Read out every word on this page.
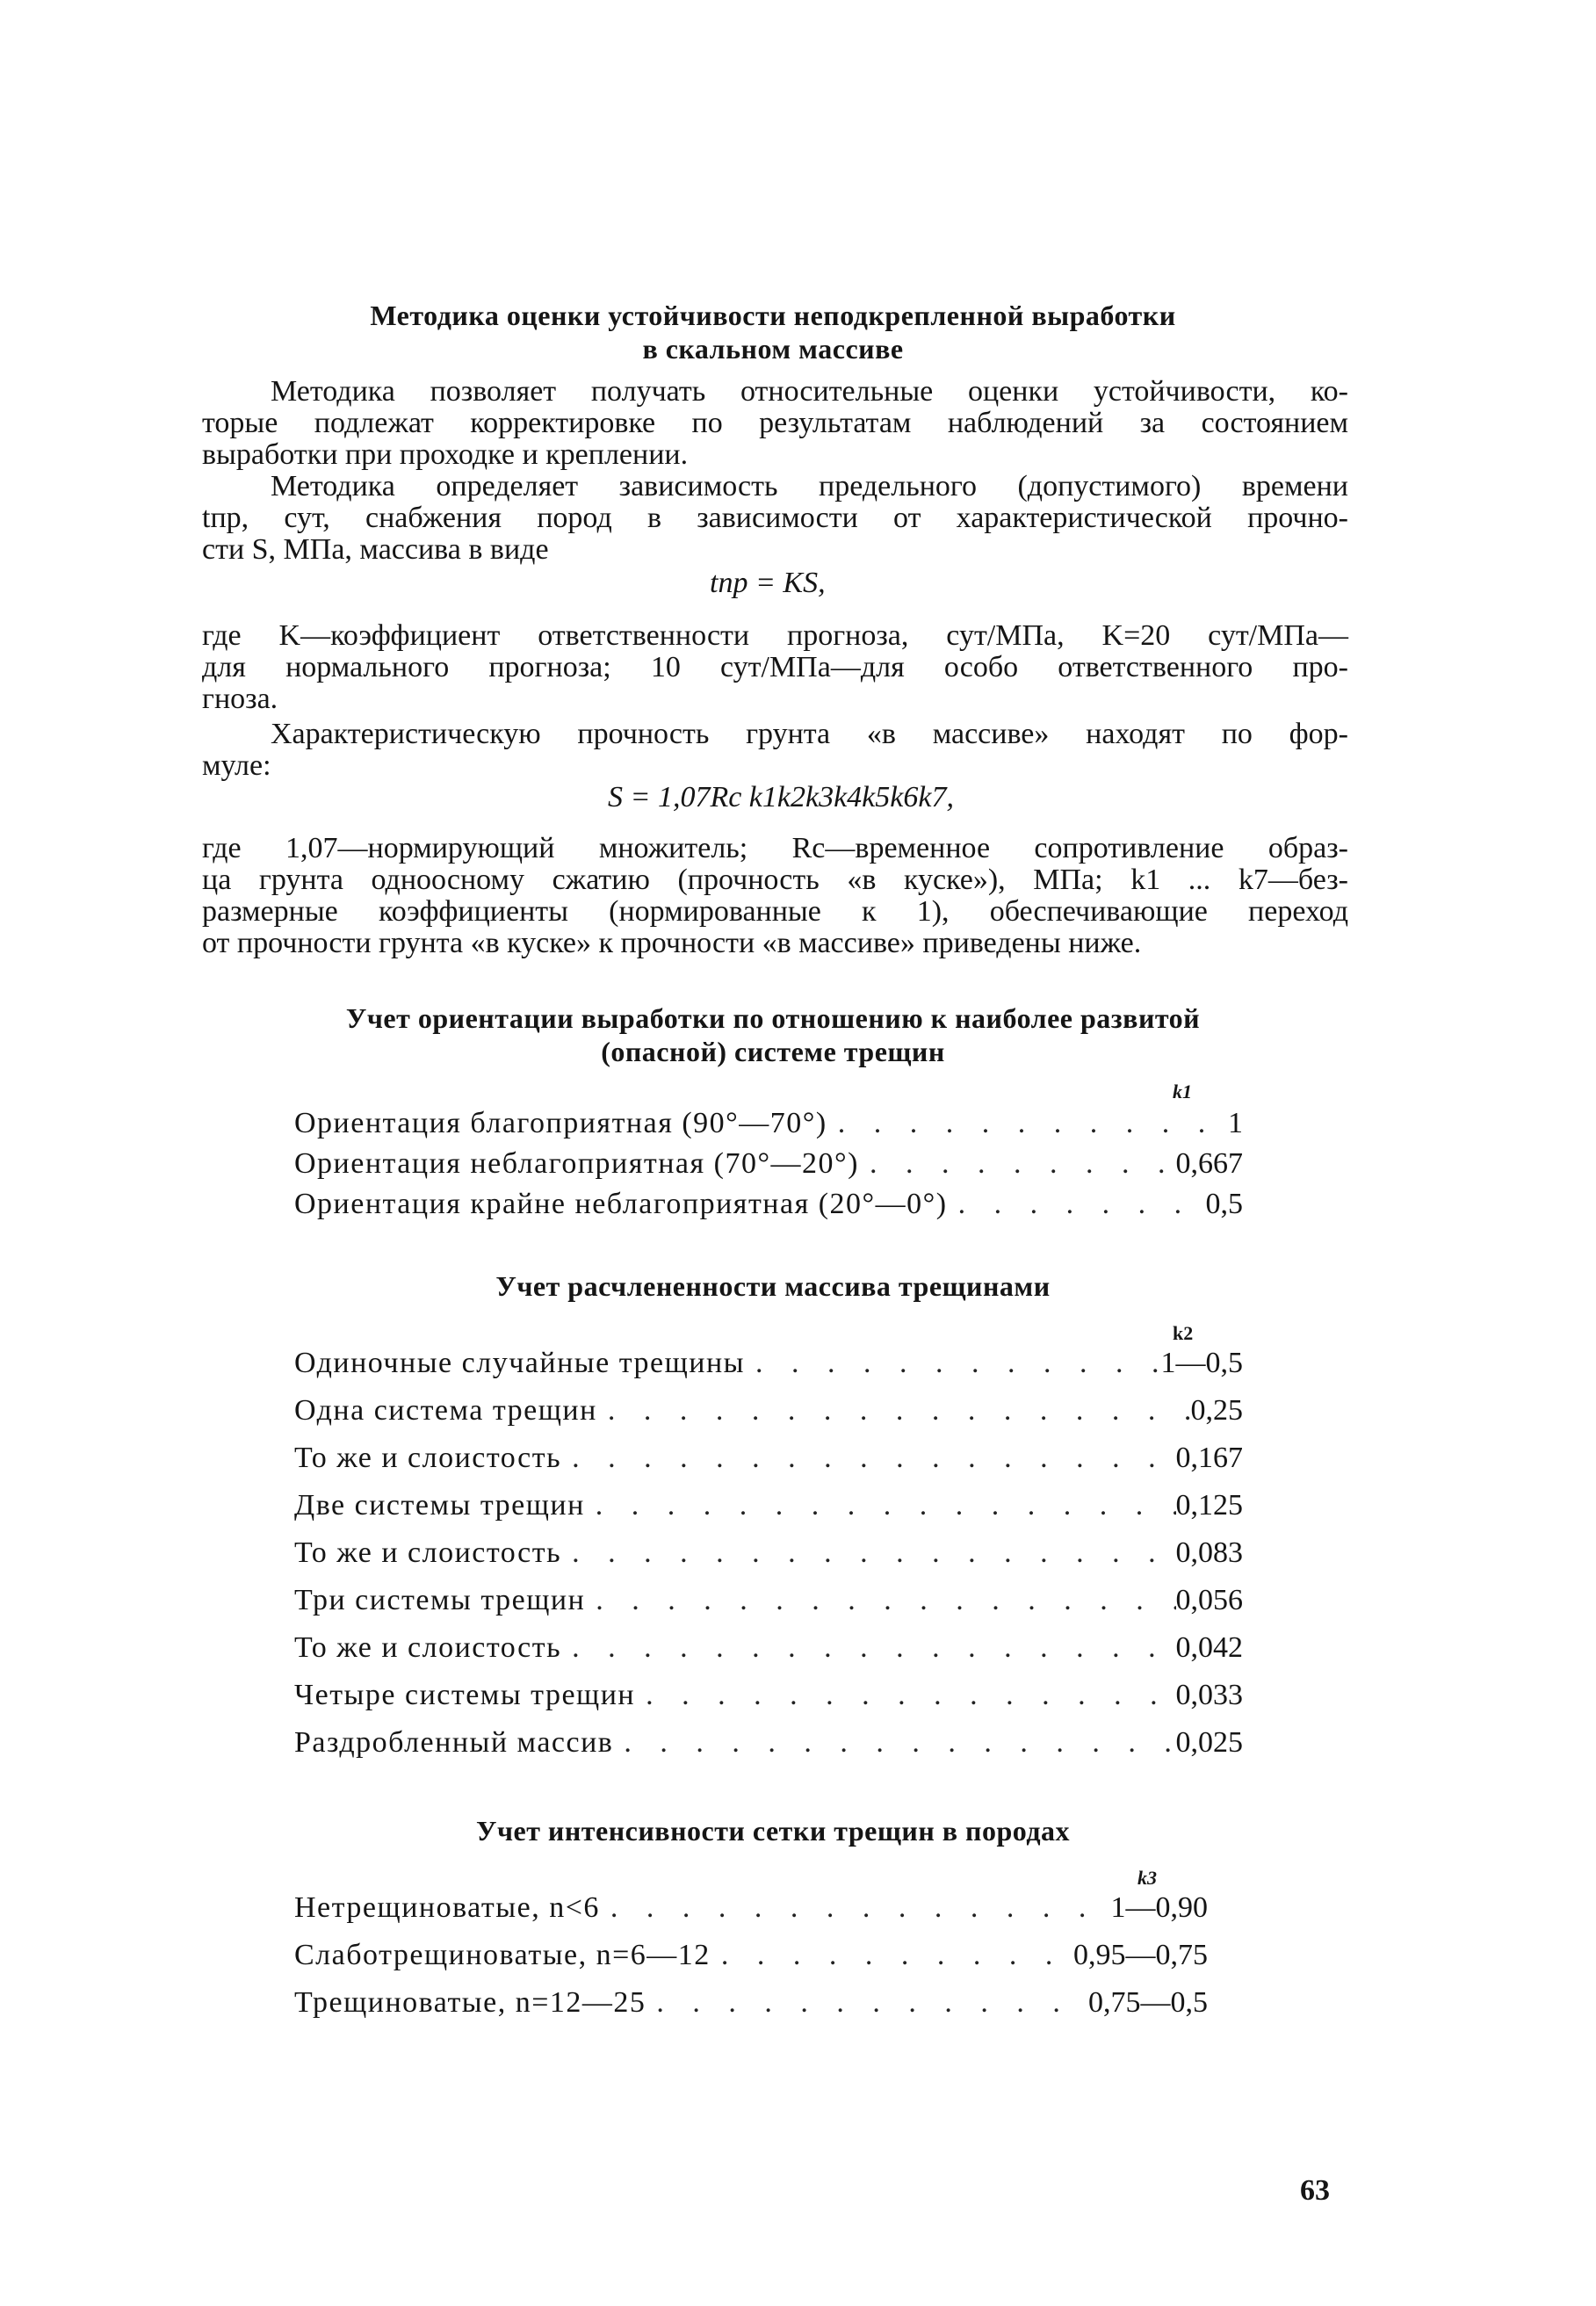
Методика оценки устойчивости неподкрепленной выработки
в скальном массиве
Методика позволяет получать относительные оценки устойчивости, ко-
торые подлежат корректировке по результатам наблюдений за состоянием
выработки при проходке и креплении.
Методика определяет зависимость предельного (допустимого) времени
tпр, сут, снабжения пород в зависимости от характеристической прочно-
сти S, МПа, массива в виде
tпр = KS,
где K—коэффициент ответственности прогноза, сут/МПа, K=20 сут/МПа—
для нормального прогноза; 10 сут/МПа—для особо ответственного про-
гноза.
Характеристическую прочность грунта «в массиве» находят по фор-
муле:
S = 1,07Rc k1k2k3k4k5k6k7,
где 1,07—нормирующий множитель; Rc—временное сопротивление образ-
ца грунта одноосному сжатию (прочность «в куске»), МПа; k1 ... k7—без-
размерные коэффициенты (нормированные к 1), обеспечивающие переход
от прочности грунта «в куске» к прочности «в массиве» приведены ниже.
Учет ориентации выработки по отношению к наиболее развитой
(опасной) системе трещин
k1
Ориентация благоприятная (90°—70°) . . .	1
Ориентация неблагоприятная (70°—20°) . . .	0,667
Ориентация крайне неблагоприятная (20°—0°) . . .	0,5
Учет расчлененности массива трещинами
k2
Одиночные случайные трещины . . .	1—0,5
Одна система трещин . . .	0,25
То же и слоистость . . .	0,167
Две системы трещин . . .	0,125
То же и слоистость . . .	0,083
Три системы трещин . . .	0,056
То же и слоистость . . .	0,042
Четыре системы трещин . . .	0,033
Раздробленный массив . . .	0,025
Учет интенсивности сетки трещин в породах
k3
Нетрещиноватые, n<6 . . .	1—0,90
Слаботрещиноватые, n=6—12 . . .	0,95—0,75
Трещиноватые, n=12—25 . . .	0,75—0,5
63
